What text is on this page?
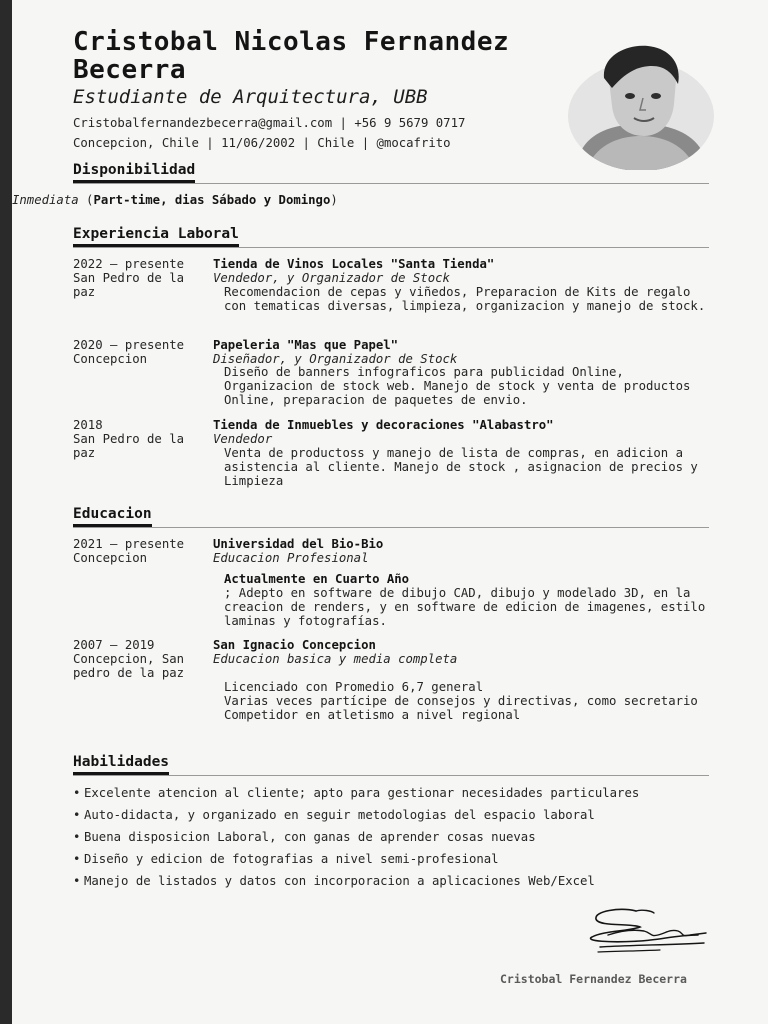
Cristobal Nicolas Fernandez
Becerra
Estudiante de Arquitectura, UBB
Cristobalfernandezbecerra@gmail.com | +56 9 5679 0717
Concepcion, Chile | 11/06/2002 | Chile | @mocafrito
Disponibilidad
Inmediata (Part-time, dias Sábado y Domingo)
Experiencia Laboral
2022 – presente
San Pedro de la paz
Tienda de Vinos Locales "Santa Tienda"
Vendedor, y Organizador de Stock
Recomendacion de cepas y viñedos, Preparacion de Kits de regalo con tematicas diversas, limpieza, organizacion y manejo de stock.
2020 – presente
Concepcion
Papeleria "Mas que Papel"
Diseñador, y Organizador de Stock
Diseño de banners infograficos para publicidad Online, Organizacion de stock web. Manejo de stock y venta de productos Online, preparacion de paquetes de envio.
2018
San Pedro de la paz
Tienda de Inmuebles y decoraciones "Alabastro"
Vendedor
Venta de productoss y manejo de lista de compras, en adicion a asistencia al cliente. Manejo de stock , asignacion de precios y Limpieza
Educacion
2021 – presente
Concepcion
Universidad del Bio-Bio
Educacion Profesional
Actualmente en Cuarto Año
; Adepto en software de dibujo CAD, dibujo y modelado 3D, en la creacion de renders, y en software de edicion de imagenes, estilo laminas y fotografías.
2007 – 2019
Concepcion, San pedro de la paz
San Ignacio Concepcion
Educacion basica y media completa
Licenciado con Promedio 6,7 general
Varias veces partícipe de consejos y directivas, como secretario
Competidor en atletismo a nivel regional
Habilidades
• Excelente atencion al cliente; apto para gestionar necesidades particulares
• Auto-didacta, y organizado en seguir metodologias del espacio laboral
• Buena disposicion Laboral, con ganas de aprender cosas nuevas
• Diseño y edicion de fotografias a nivel semi-profesional
• Manejo de listados y datos con incorporacion a aplicaciones Web/Excel
Cristobal Fernandez Becerra
